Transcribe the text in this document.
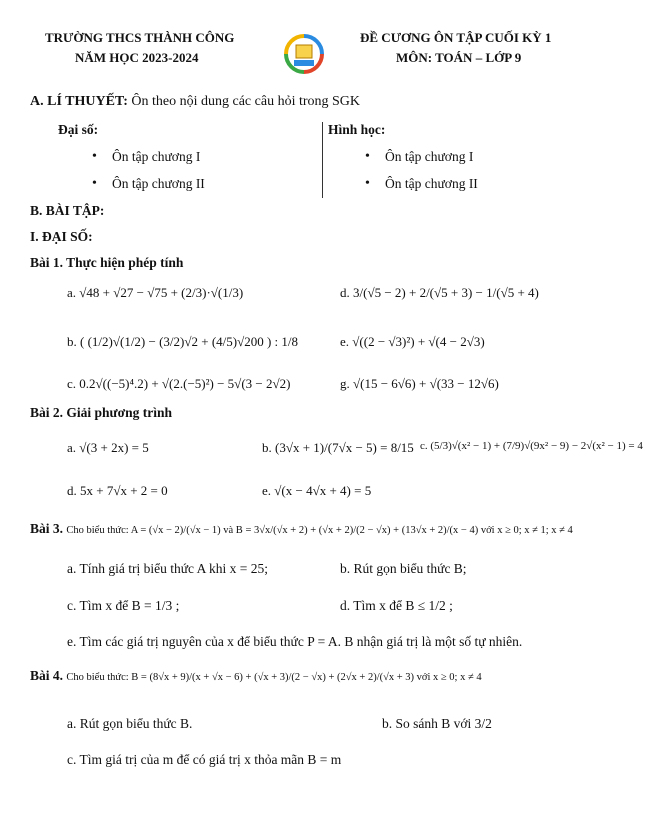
TRƯỜNG THCS THÀNH CÔNG
NĂM HỌC 2023-2024
ĐỀ CƯƠNG ÔN TẬP CUỐI KỲ 1
MÔN: TOÁN – LỚP 9
A. LÍ THUYẾT: Ôn theo nội dung các câu hỏi trong SGK
Đại số:	Hình học:
• Ôn tập chương I
• Ôn tập chương II
• Ôn tập chương I
• Ôn tập chương II
B. BÀI TẬP:
I. ĐẠI SỐ:
Bài 1. Thực hiện phép tính
a. √48 + √27 − √75 + (2/3)·√(1/3)	d. 3/(√5 − 2) + 2/(√5 + 3) − 1/(√5 + 4)
b. ( (1/2)√(1/2) − (3/2)√2 + (4/5)√200 ) : 1/8	e. √((2 − √3)²) + √(4 − 2√3)
c. 0.2√((−5)⁴.2) + √(2.(−5)²) − 5√(3 − 2√2)	g. √(15 − 6√6) + √(33 − 12√6)
Bài 2. Giải phương trình
a. √(3 + 2x) = 5	b. (3√x + 1)/(7√x − 5) = 8/15 c. (5/3)√(x² − 1) + (7/9)√(9x² − 9) − 2√(x² − 1) = 4
d. 5x + 7√x + 2 = 0	e. √(x − 4√x + 4) = 5
Bài 3. Cho biểu thức: A = (√x − 2)/(√x − 1) và B = 3√x/(√x + 2) + (√x + 2)/(2 − √x) + (13√x + 2)/(x − 4) với x ≥ 0; x ≠ 1; x ≠ 4
a. Tính giá trị biểu thức A khi x = 25;	b. Rút gọn biểu thức B;
c. Tìm x để B = 1/3 ;	d. Tìm x để B ≤ 1/2 ;
e. Tìm các giá trị nguyên của x để biểu thức P = A. B nhận giá trị là một số tự nhiên.
Bài 4. Cho biểu thức: B = (8√x + 9)/(x + √x − 6) + (√x + 3)/(2 − √x) + (2√x + 2)/(√x + 3) với x ≥ 0; x ≠ 4
a. Rút gọn biểu thức B.	b. So sánh B với 3/2
c. Tìm giá trị của m để có giá trị x thỏa mãn B = m
